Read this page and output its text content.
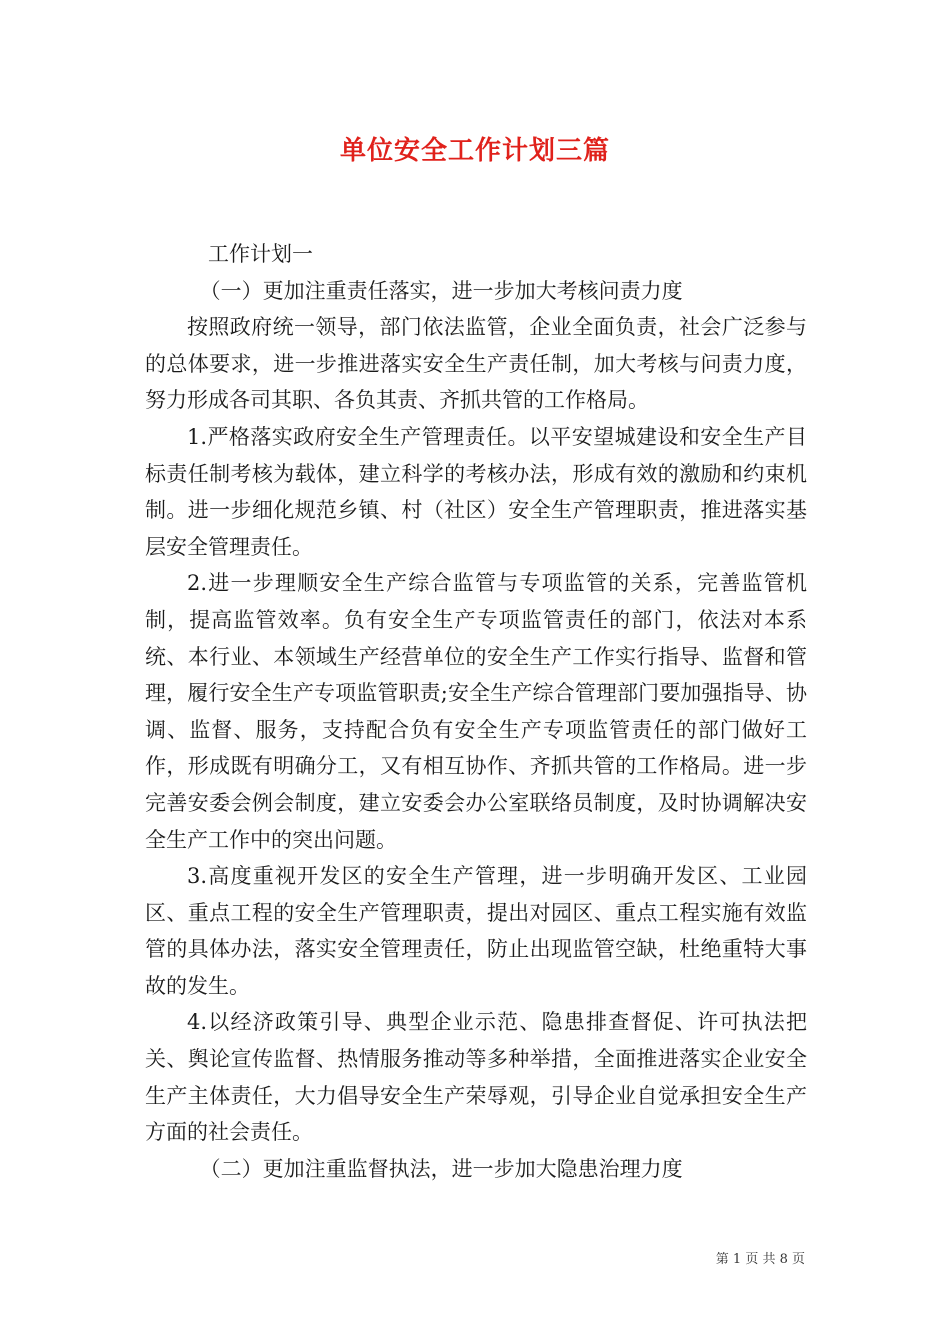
单位安全工作计划三篇

工作计划一

（一）更加注重责任落实，进一步加大考核问责力度

按照政府统一领导，部门依法监管，企业全面负责，社会广泛参与的总体要求，进一步推进落实安全生产责任制，加大考核与问责力度，努力形成各司其职、各负其责、齐抓共管的工作格局。

1.严格落实政府安全生产管理责任。以平安望城建设和安全生产目标责任制考核为载体，建立科学的考核办法，形成有效的激励和约束机制。进一步细化规范乡镇、村（社区）安全生产管理职责，推进落实基层安全管理责任。

2.进一步理顺安全生产综合监管与专项监管的关系，完善监管机制，提高监管效率。负有安全生产专项监管责任的部门，依法对本系统、本行业、本领域生产经营单位的安全生产工作实行指导、监督和管理，履行安全生产专项监管职责;安全生产综合管理部门要加强指导、协调、监督、服务，支持配合负有安全生产专项监管责任的部门做好工作，形成既有明确分工，又有相互协作、齐抓共管的工作格局。进一步完善安委会例会制度，建立安委会办公室联络员制度，及时协调解决安全生产工作中的突出问题。

3.高度重视开发区的安全生产管理，进一步明确开发区、工业园区、重点工程的安全生产管理职责，提出对园区、重点工程实施有效监管的具体办法，落实安全管理责任，防止出现监管空缺，杜绝重特大事故的发生。

4.以经济政策引导、典型企业示范、隐患排查督促、许可执法把关、舆论宣传监督、热情服务推动等多种举措，全面推进落实企业安全生产主体责任，大力倡导安全生产荣辱观，引导企业自觉承担安全生产方面的社会责任。

（二）更加注重监督执法，进一步加大隐患治理力度

第 1 页 共 8 页
